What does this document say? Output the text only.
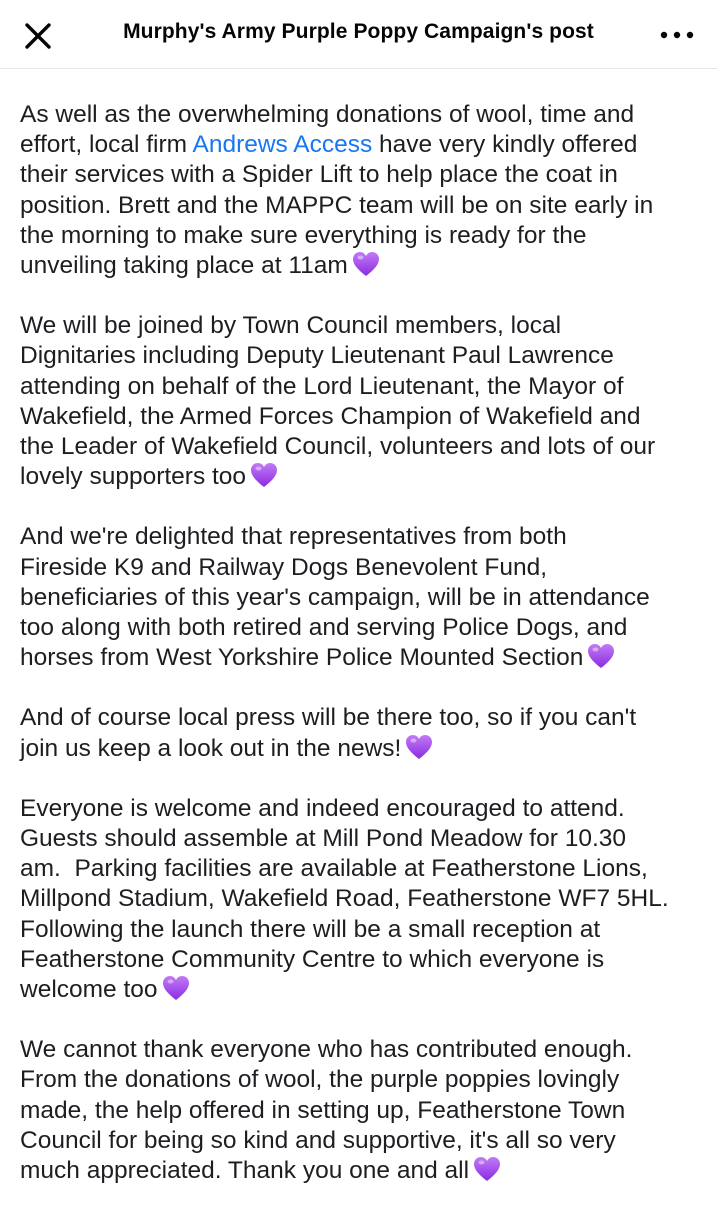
Murphy's Army Purple Poppy Campaign's post

As well as the overwhelming donations of wool, time and
effort, local firm Andrews Access have very kindly offered
their services with a Spider Lift to help place the coat in
position. Brett and the MAPPC team will be on site early in
the morning to make sure everything is ready for the
unveiling taking place at 11am

We will be joined by Town Council members, local
Dignitaries including Deputy Lieutenant Paul Lawrence
attending on behalf of the Lord Lieutenant, the Mayor of
Wakefield, the Armed Forces Champion of Wakefield and
the Leader of Wakefield Council, volunteers and lots of our
lovely supporters too

And we're delighted that representatives from both
Fireside K9 and Railway Dogs Benevolent Fund,
beneficiaries of this year's campaign, will be in attendance
too along with both retired and serving Police Dogs, and
horses from West Yorkshire Police Mounted Section

And of course local press will be there too, so if you can't
join us keep a look out in the news!

Everyone is welcome and indeed encouraged to attend.
Guests should assemble at Mill Pond Meadow for 10.30
am.  Parking facilities are available at Featherstone Lions,
Millpond Stadium, Wakefield Road, Featherstone WF7 5HL.
Following the launch there will be a small reception at
Featherstone Community Centre to which everyone is
welcome too

We cannot thank everyone who has contributed enough.
From the donations of wool, the purple poppies lovingly
made, the help offered in setting up, Featherstone Town
Council for being so kind and supportive, it's all so very
much appreciated. Thank you one and all
